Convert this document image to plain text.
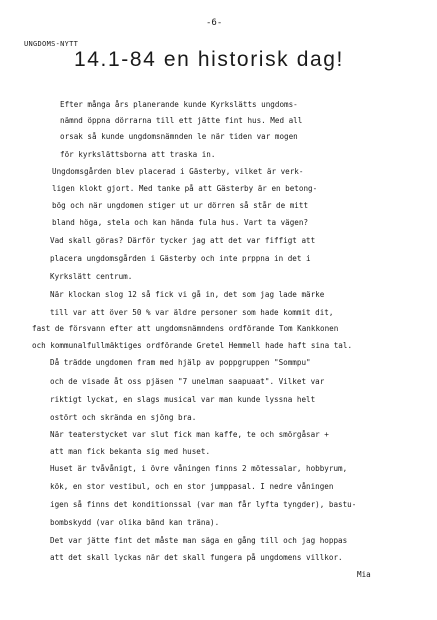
-6-
UNGDOMS-NYTT
14.1-84 en historisk dag!
Efter många års planerande kunde Kyrkslätts ungdoms-
nämnd öppna dörrarna till ett jätte fint hus. Med all
orsak så kunde ungdomsnämnden le när tiden var mogen
för kyrkslättsborna att traska in.
Ungdomsgården blev placerad i Gästerby, vilket är verk-
ligen klokt gjort. Med tanke på att Gästerby är en betong-
bög och när ungdomen stiger ut ur dörren så står de mitt
bland höga, stela och kan hända fula hus. Vart ta vägen?
Vad skall göras? Därför tycker jag att det var fiffigt att
placera ungdomsgården i Gästerby och inte prppna in det i
Kyrkslätt centrum.
När klockan slog 12 så fick vi gå in, det som jag lade märke
till var att över 50 % var äldre personer som hade kommit dit,
fast de försvann efter att ungdomsnämndens ordförande Tom Kankkonen
och kommunalfullmäktiges ordförande Gretel Hemmell hade haft sina tal.
Då trädde ungdomen fram med hjälp av poppgruppen "Sommpu"
och de visade åt oss pjäsen "7 unelman saapuaat". Vilket var
riktigt lyckat, en slags musical var man kunde lyssna helt
ostört och skrända en sjöng bra.
När teaterstycket var slut fick man kaffe, te och smörgåsar +
att man fick bekanta sig med huset.
Huset är tvåvånigt, i övre våningen finns 2 mötessalar, hobbyrum,
kök, en stor vestibul, och en stor jumppasal. I nedre våningen
igen så finns det konditionssal (var man får lyfta tyngder), bastu-
bombskydd (var olika bänd kan träna).
Det var jätte fint det måste man säga en gång till och jag hoppas
att det skall lyckas när det skall fungera på ungdomens villkor.
Mia
